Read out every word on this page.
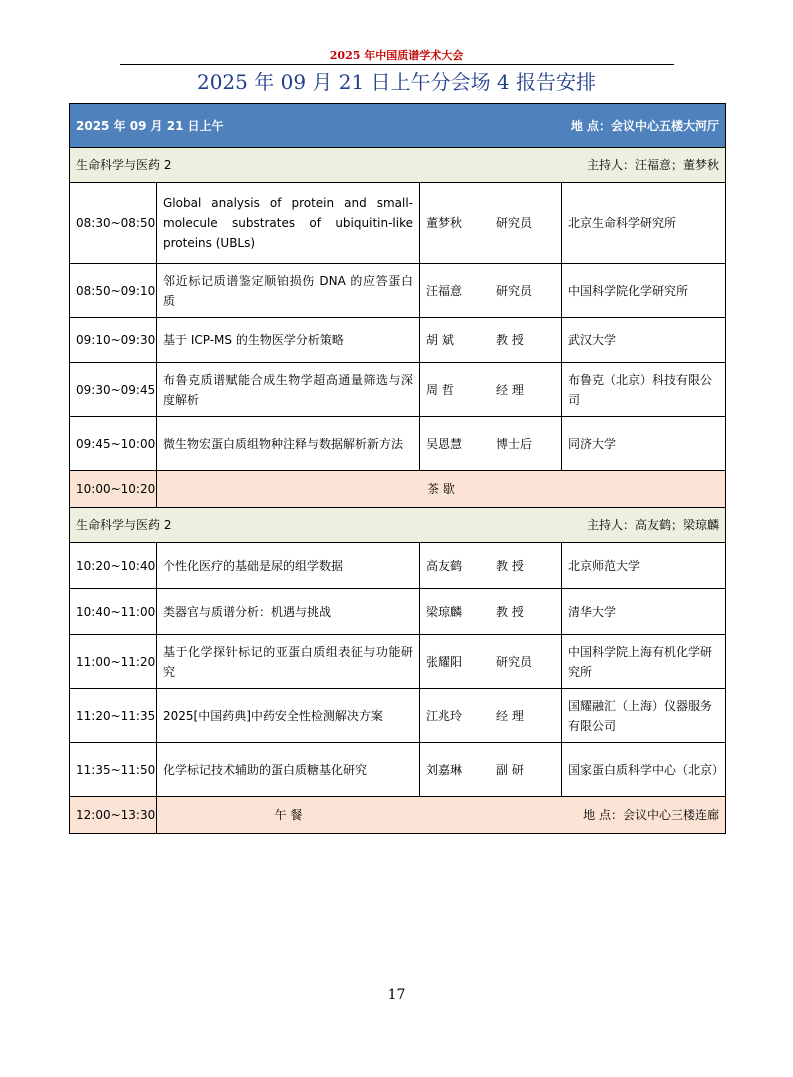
2025 年中国质谱学术大会
2025 年 09 月 21 日上午分会场 4 报告安排
2025 年 09 月 21 日上午 地 点：会议中心五楼大河厅			

生命科学与医药 2 主持人：汪福意；董梦秋			

08:30~08:50	Global analysis of protein and small-molecule substrates of ubiquitin-like proteins (UBLs)	董梦秋 研究员	北京生命科学研究所
08:50~09:10	邻近标记质谱鉴定顺铂损伤 DNA 的应答蛋白质	汪福意 研究员	中国科学院化学研究所
09:10~09:30	基于 ICP-MS 的生物医学分析策略	胡 斌 教 授	武汉大学
09:30~09:45	布鲁克质谱赋能合成生物学超高通量筛选与深度解析	周 哲 经 理	布鲁克（北京）科技有限公司
09:45~10:00	微生物宏蛋白质组物种注释与数据解析新方法	吴恩慧 博士后	同济大学
10:00~10:20	茶 歇		

生命科学与医药 2 主持人：高友鹤；梁琼麟			

10:20~10:40	个性化医疗的基础是尿的组学数据	高友鹤 教 授	北京师范大学
10:40~11:00	类器官与质谱分析：机遇与挑战	梁琼麟 教 授	清华大学
11:00~11:20	基于化学探针标记的亚蛋白质组表征与功能研究	张耀阳 研究员	中国科学院上海有机化学研究所
11:20~11:35	2025[中国药典]中药安全性检测解决方案	江兆玲 经 理	国耀融汇（上海）仪器服务有限公司
11:35~11:50	化学标记技术辅助的蛋白质糖基化研究	刘嘉琳 副 研	国家蛋白质科学中心（北京）
12:00~13:30	午 餐 地 点：会议中心三楼连廊		
17
